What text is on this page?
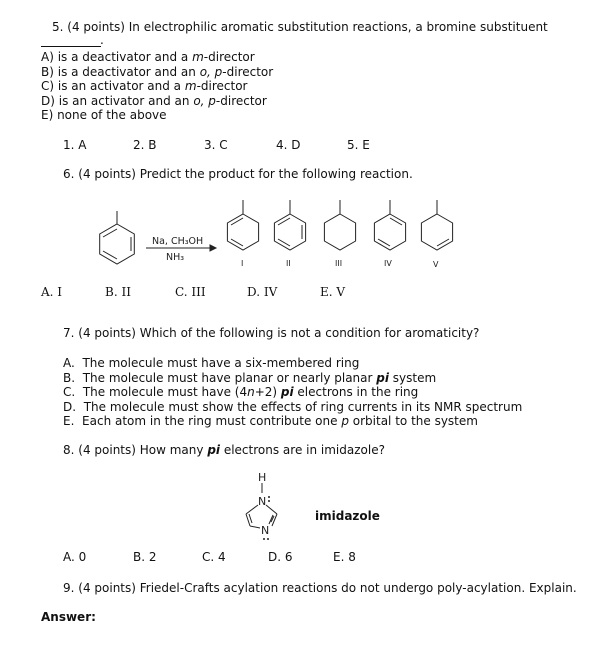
5. (4 points) In electrophilic aromatic substitution reactions, a bromine substituent
.
A) is a deactivator and a m-director
B) is a deactivator and an o, p-director
C) is an activator and a m-director
D) is an activator and an o, p-director
E) none of the above
1. A	2. B	3. C	4. D	5. E
6. (4 points) Predict the product for the following reaction.
Na, CH₃OH
NH₃
I	II	III	IV	V
A. I	B. II	C. III	D. IV	E. V
7. (4 points) Which of the following is not a condition for aromaticity?
A. The molecule must have a six-membered ring
B. The molecule must have planar or nearly planar pi system
C. The molecule must have (4n+2) pi electrons in the ring
D. The molecule must show the effects of ring currents in its NMR spectrum
E. Each atom in the ring must contribute one p orbital to the system
8. (4 points) How many pi electrons are in imidazole?
H
N
N
imidazole
A. 0	B. 2	C. 4	D. 6	E. 8
9. (4 points) Friedel-Crafts acylation reactions do not undergo poly-acylation. Explain.
Answer:
